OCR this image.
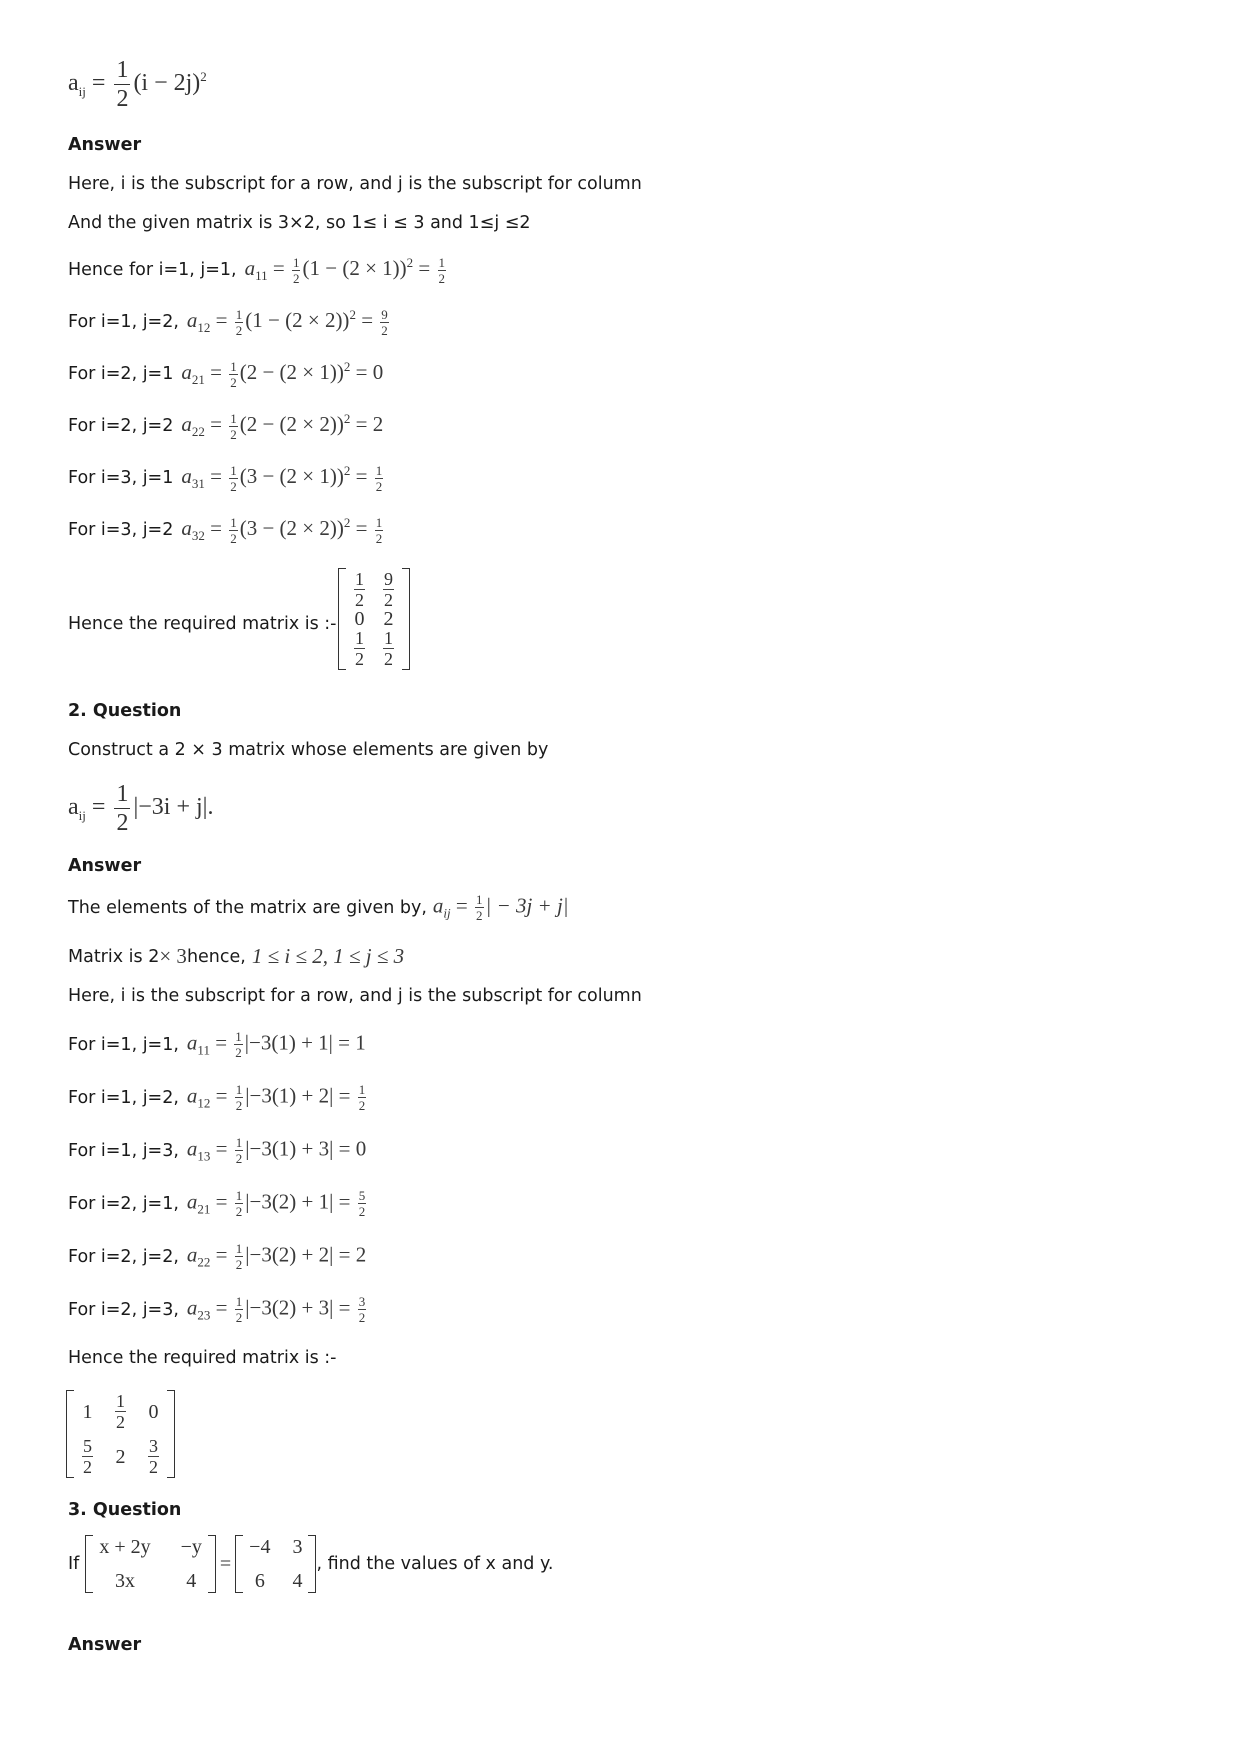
$a_{ij} = \frac{1}{2} (i - 2j)^2$
Answer
Here, i is the subscript for a row, and j is the subscript for column
And the given matrix is 3×2, so 1≤ i ≤ 3 and 1≤j ≤2
Hence for i=1, j=1, $a_{11} = \frac{1}{2} (1 - (2 \times 1))^2 = \frac{1}{2}$
For i=1, j=2, $a_{12} = \frac{1}{2} (1 - (2 \times 2))^2 = \frac{9}{2}$
For i=2, j=1 $a_{21} = \frac{1}{2} (2 - (2 \times 1))^2 = 0$
For i=2, j=2 $a_{22} = \frac{1}{2} (2 - (2 \times 2))^2 = 2$
For i=3, j=1 $a_{31} = \frac{1}{2} (3 - (2 \times 1))^2 = \frac{1}{2}$
For i=3, j=2 $a_{32} = \frac{1}{2} (3 - (2 \times 2))^2 = \frac{1}{2}$
Hence the required matrix is :-
$\frac{1}{2} \frac{9}{2}$
0 2
$\frac{1}{2} \frac{1}{2}$
2. Question
Construct a 2 × 3 matrix whose elements are given by
$a_{ij} = \frac{1}{2} |-3i + j|$.
Answer
The elements of the matrix are given by, $a_{ij} = \frac{1}{2}$ | − 3j + j|
Matrix is 2 × 3 hence, 1 ≤ i ≤ 2, 1 ≤ j ≤ 3
Here, i is the subscript for a row, and j is the subscript for column
For i=1, j=1, $a_{11} = \frac{1}{2} |-3(1) + 1| = 1$
For i=1, j=2, $a_{12} = \frac{1}{2} |-3(1) + 2| = \frac{1}{2}$
For i=1, j=3, $a_{13} = \frac{1}{2} |-3(1) + 3| = 0$
For i=2, j=1, $a_{21} = \frac{1}{2} |-3(2) + 1| = \frac{5}{2}$
For i=2, j=2, $a_{22} = \frac{1}{2} |-3(2) + 2| = 2$
For i=2, j=3, $a_{23} = \frac{1}{2} |-3(2) + 3| = \frac{3}{2}$
Hence the required matrix is :-
$1 \frac{1}{2} 0$
$\frac{5}{2} 2 \frac{3}{2}$
3. Question
If
x + 2y −y
3x	4
=
−4 3
6 4
, find the values of x and y.
Answer
